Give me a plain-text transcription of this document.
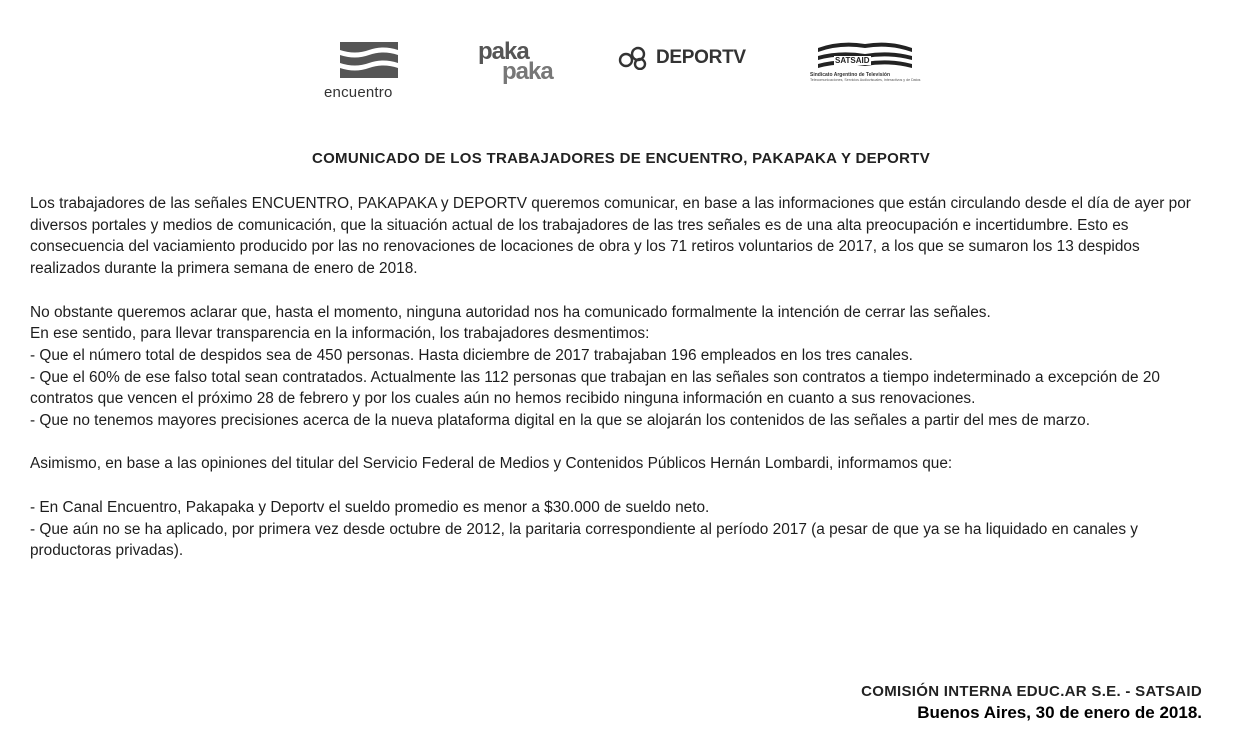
encuentro
paka
paka
DEPORTV	SATSAID
Sindicato Argentino de Televisión
Telecomunicaciones, Servicios Audiovisuales, Interactivos y de Datos
COMUNICADO DE LOS TRABAJADORES DE ENCUENTRO, PAKAPAKA Y DEPORTV

Los trabajadores de las señales ENCUENTRO, PAKAPAKA y DEPORTV queremos comunicar, en base a las informaciones que están circulando desde el día de ayer por diversos portales y medios de comunicación, que la situación actual de los trabajadores de las tres señales es de una alta preocupación e incertidumbre. Esto es consecuencia del vaciamiento producido por las no renovaciones de locaciones de obra y los 71 retiros voluntarios de 2017, a los que se sumaron los 13 despidos realizados durante la primera semana de enero de 2018.

No obstante queremos aclarar que, hasta el momento, ninguna autoridad nos ha comunicado formalmente la intención de cerrar las señales.

En ese sentido, para llevar transparencia en la información, los trabajadores desmentimos:

- Que el número total de despidos sea de 450 personas. Hasta diciembre de 2017 trabajaban 196 empleados en los tres canales.

- Que el 60% de ese falso total sean contratados. Actualmente las 112 personas que trabajan en las señales son contratos a tiempo indeterminado a excepción de 20 contratos que vencen el próximo 28 de febrero y por los cuales aún no hemos recibido ninguna información en cuanto a sus renovaciones.

- Que no tenemos mayores precisiones acerca de la nueva plataforma digital en la que se alojarán los contenidos de las señales a partir del mes de marzo.

Asimismo, en base a las opiniones del titular del Servicio Federal de Medios y Contenidos Públicos Hernán Lombardi, informamos que:

- En Canal Encuentro, Pakapaka y Deportv el sueldo promedio es menor a $30.000 de sueldo neto.

- Que aún no se ha aplicado, por primera vez desde octubre de 2012, la paritaria correspondiente al período 2017 (a pesar de que ya se ha liquidado en canales y productoras privadas).

COMISIÓN INTERNA EDUC.AR S.E. - SATSAID
Buenos Aires, 30 de enero de 2018.
